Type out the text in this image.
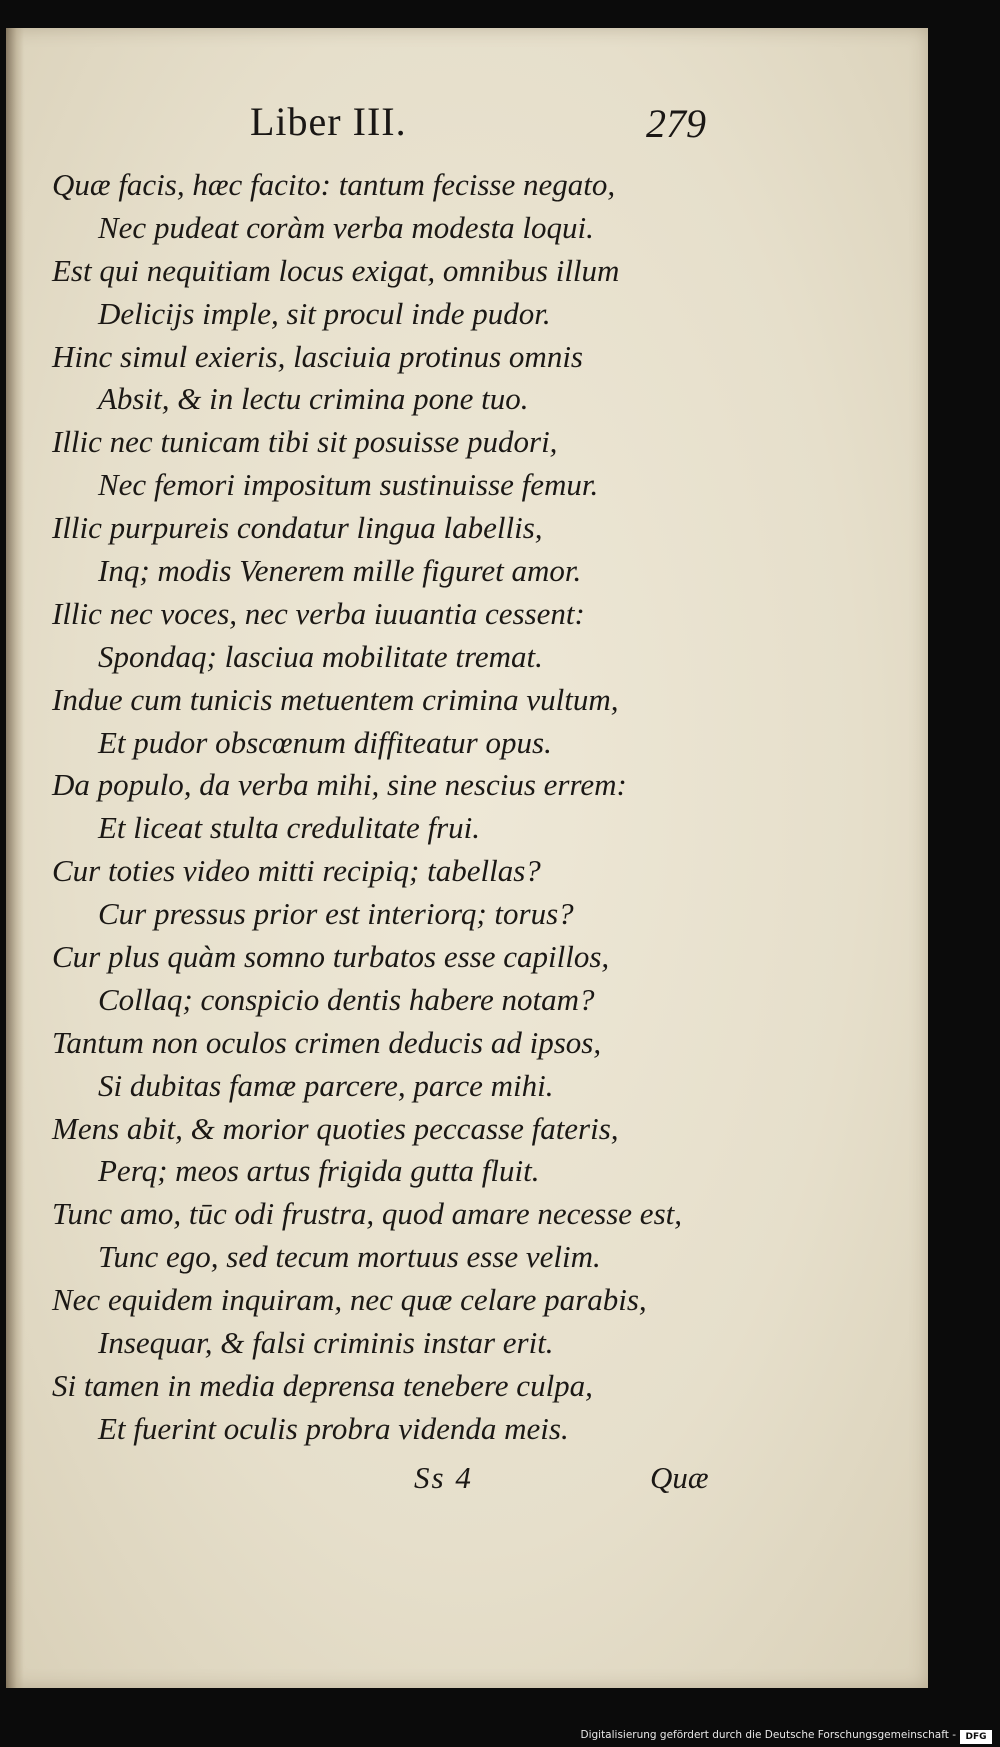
Liber III.	279
Quæ facis, hæc facito: tantum fecisse negato,
Nec pudeat coràm verba modesta loqui.
Est qui nequitiam locus exigat, omnibus illum
Delicijs imple, sit procul inde pudor.
Hinc simul exieris, lasciuia protinus omnis
Absit, & in lectu crimina pone tuo.
Illic nec tunicam tibi sit posuisse pudori,
Nec femori impositum sustinuisse femur.
Illic purpureis condatur lingua labellis,
Inq; modis Venerem mille figuret amor.
Illic nec voces, nec verba iuuantia cessent:
Spondaq; lasciua mobilitate tremat.
Indue cum tunicis metuentem crimina vultum,
Et pudor obscœnum diffiteatur opus.
Da populo, da verba mihi, sine nescius errem:
Et liceat stulta credulitate frui.
Cur toties video mitti recipiq; tabellas?
Cur pressus prior est interiorq; torus?
Cur plus quàm somno turbatos esse capillos,
Collaq; conspicio dentis habere notam?
Tantum non oculos crimen deducis ad ipsos,
Si dubitas famæ parcere, parce mihi.
Mens abit, & morior quoties peccasse fateris,
Perq; meos artus frigida gutta fluit.
Tunc amo, tūc odi frustra, quod amare necesse est,
Tunc ego, sed tecum mortuus esse velim.
Nec equidem inquiram, nec quæ celare parabis,
Insequar, & falsi criminis instar erit.
Si tamen in media deprensa tenebere culpa,
Et fuerint oculis probra videnda meis.
Ss 4	Quæ
Digitalisierung gefördert durch die Deutsche Forschungsgemeinschaft -	DFG
